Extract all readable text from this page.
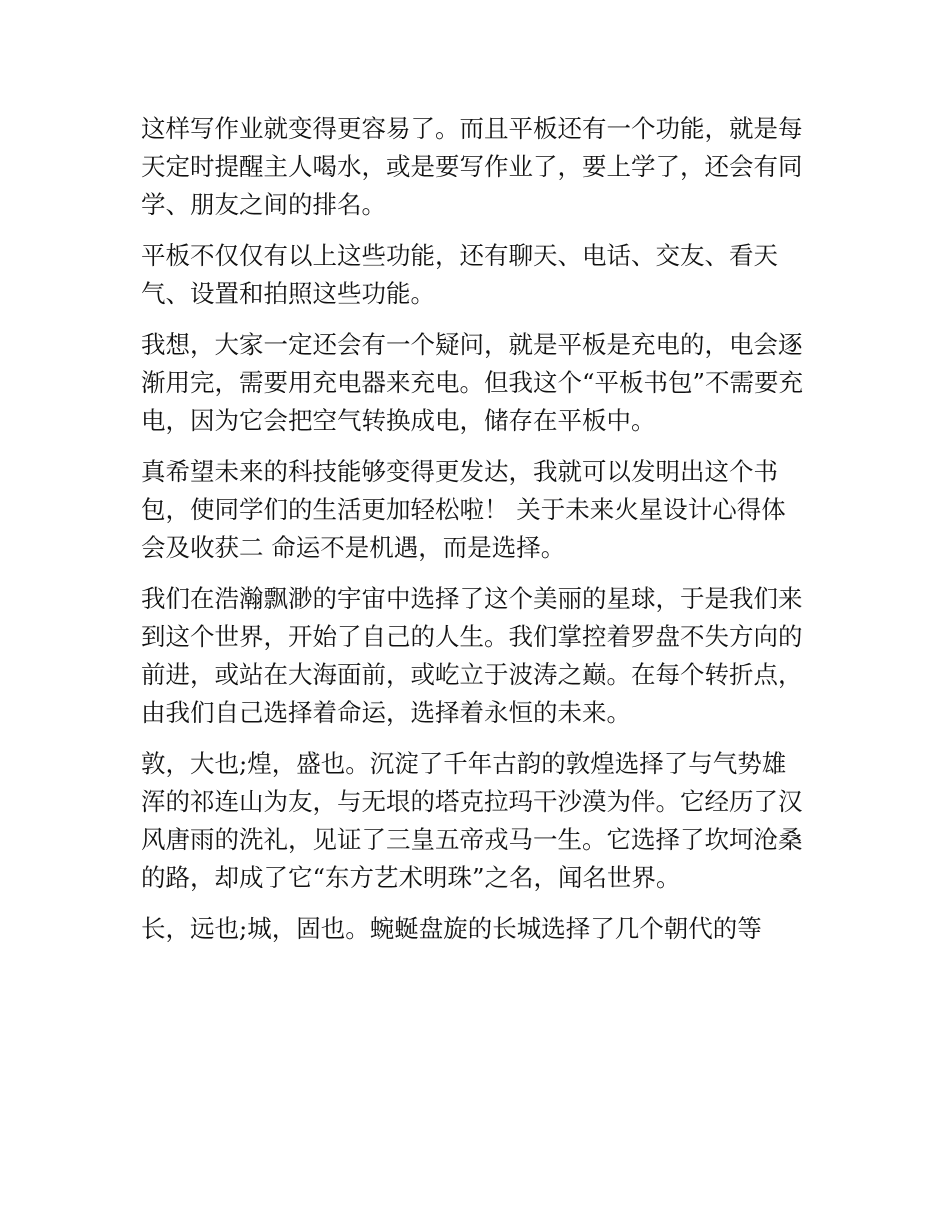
这样写作业就变得更容易了。而且平板还有一个功能，就是每

天定时提醒主人喝水，或是要写作业了，要上学了，还会有同

学、朋友之间的排名。

平板不仅仅有以上这些功能，还有聊天、电话、交友、看天

气、设置和拍照这些功能。

我想，大家一定还会有一个疑问，就是平板是充电的，电会逐

渐用完，需要用充电器来充电。但我这个“平板书包”不需要充

电，因为它会把空气转换成电，储存在平板中。

真希望未来的科技能够变得更发达，我就可以发明出这个书

包，使同学们的生活更加轻松啦！ 关于未来火星设计心得体

会及收获二 命运不是机遇，而是选择。

我们在浩瀚飘渺的宇宙中选择了这个美丽的星球，于是我们来

到这个世界，开始了自己的人生。我们掌控着罗盘不失方向的

前进，或站在大海面前，或屹立于波涛之巅。在每个转折点，

由我们自己选择着命运，选择着永恒的未来。

敦，大也;煌，盛也。沉淀了千年古韵的敦煌选择了与气势雄

浑的祁连山为友，与无垠的塔克拉玛干沙漠为伴。它经历了汉

风唐雨的洗礼，见证了三皇五帝戎马一生。它选择了坎坷沧桑

的路，却成了它“东方艺术明珠”之名，闻名世界。

长，远也;城，固也。蜿蜒盘旋的长城选择了几个朝代的等
